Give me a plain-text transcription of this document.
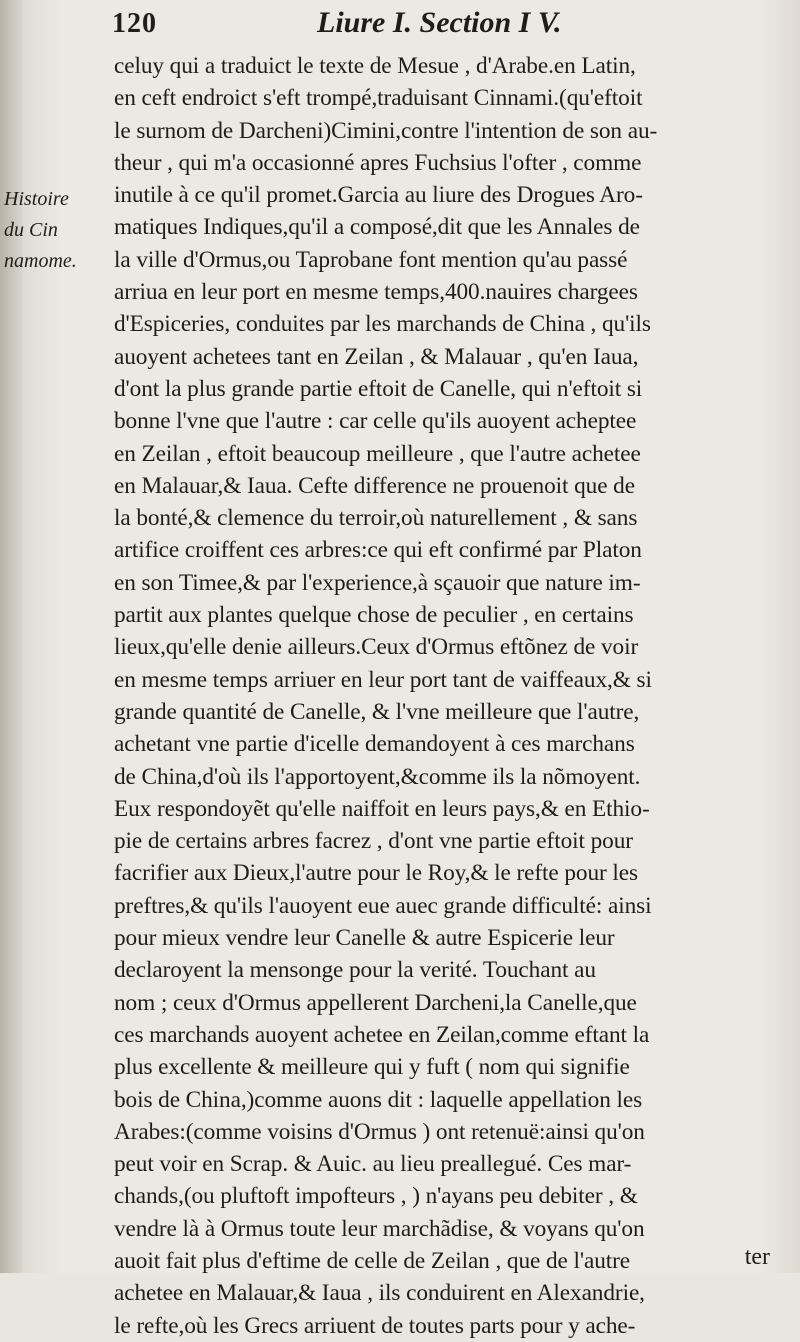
120	Liure I. Section I V.
Histoire
du Cin
namome.
celuy qui a traduict le texte de Mesue , d'Arabe.en Latin,
en ceft endroict s'eft trompé,traduisant Cinnami.(qu'eftoit
le surnom de Darcheni)Cimini,contre l'intention de son au-
theur , qui m'a occasionné apres Fuchsius l'ofter , comme
inutile à ce qu'il promet.Garcia au liure des Drogues Aro-
matiques Indiques,qu'il a composé,dit que les Annales de
la ville d'Ormus,ou Taprobane font mention qu'au passé
arriua en leur port en mesme temps,400.nauires chargees
d'Espiceries, conduites par les marchands de China , qu'ils
auoyent achetees tant en Zeilan , & Malauar , qu'en Iaua,
d'ont la plus grande partie eftoit de Canelle, qui n'eftoit si
bonne l'vne que l'autre : car celle qu'ils auoyent acheptee
en Zeilan , eftoit beaucoup meilleure , que l'autre achetee
en Malauar,& Iaua. Cefte difference ne prouenoit que de
la bonté,& clemence du terroir,où naturellement , & sans
artifice croiffent ces arbres:ce qui eft confirmé par Platon
en son Timee,& par l'experience,à sçauoir que nature im-
partit aux plantes quelque chose de peculier , en certains
lieux,qu'elle denie ailleurs.Ceux d'Ormus eftõnez de voir
en mesme temps arriuer en leur port tant de vaiffeaux,& si
grande quantité de Canelle, & l'vne meilleure que l'autre,
achetant vne partie d'icelle demandoyent à ces marchans
de China,d'où ils l'apportoyent,&comme ils la nõmoyent.
Eux respondoyẽt qu'elle naiffoit en leurs pays,& en Ethio-
pie de certains arbres facrez , d'ont vne partie eftoit pour
facrifier aux Dieux,l'autre pour le Roy,& le refte pour les
preftres,& qu'ils l'auoyent eue auec grande difficulté: ainsi
pour mieux vendre leur Canelle & autre Espicerie leur
declaroyent la mensonge pour la verité. Touchant au
nom ; ceux d'Ormus appellerent Darcheni,la Canelle,que
ces marchands auoyent achetee en Zeilan,comme eftant la
plus excellente & meilleure qui y fuft ( nom qui signifie
bois de China,)comme auons dit : laquelle appellation les
Arabes:(comme voisins d'Ormus ) ont retenuë:ainsi qu'on
peut voir en Scrap. & Auic. au lieu preallegué. Ces mar-
chands,(ou pluftoft impofteurs , ) n'ayans peu debiter , &
vendre là à Ormus toute leur marchãdise, & voyans qu'on
auoit fait plus d'eftime de celle de Zeilan , que de l'autre
achetee en Malauar,& Iaua , ils conduirent en Alexandrie,
le refte,où les Grecs arriuent de toutes parts pour y ache-
ter
